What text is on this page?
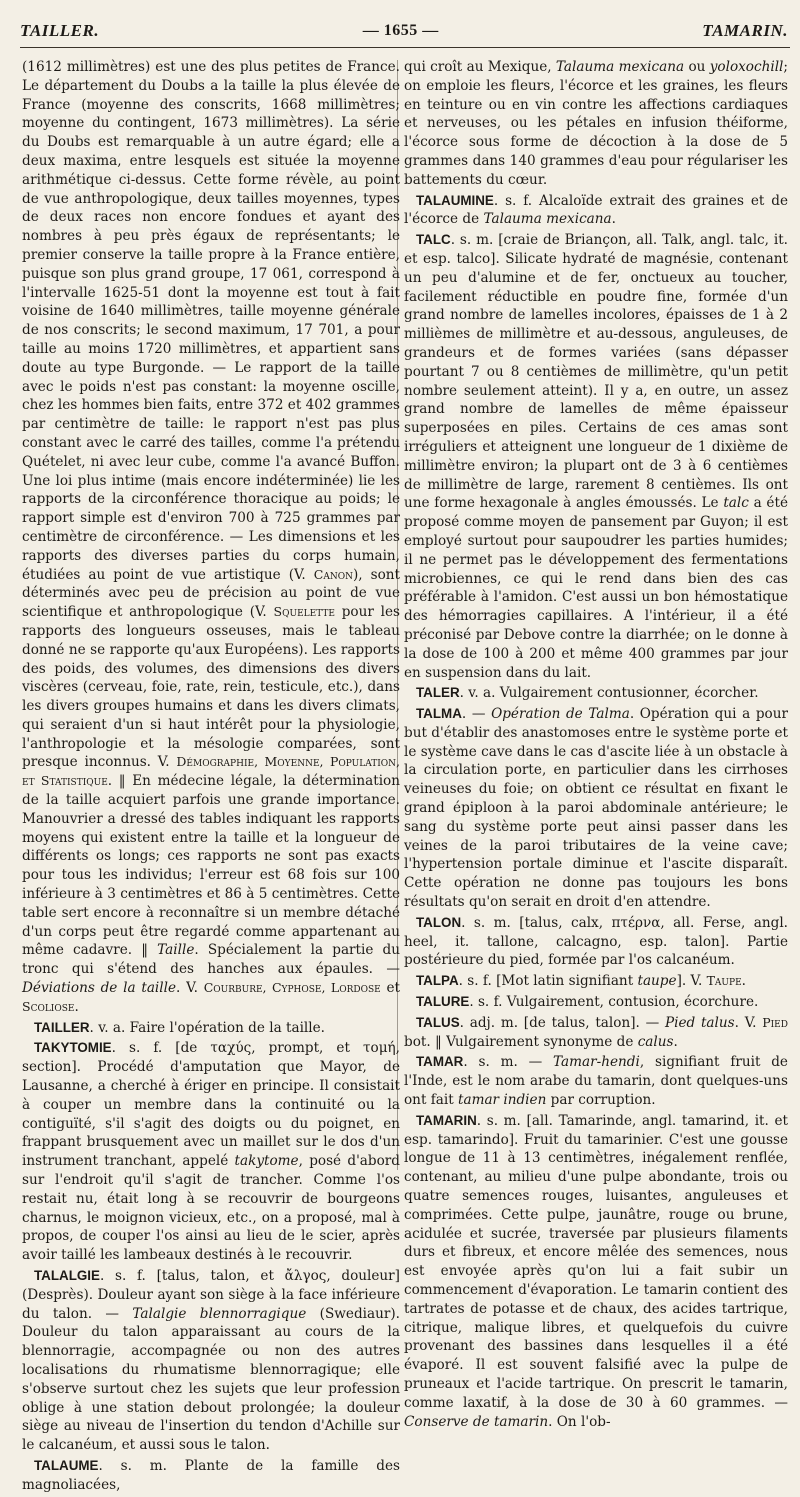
TAILLER.	— 1655 —	TAMARIN.

(1612 millimètres) est une des plus petites de France. Le département du Doubs a la taille la plus élevée de France (moyenne des conscrits, 1668 millimètres; moyenne du contingent, 1673 millimètres). La série du Doubs est remarquable à un autre égard; elle a deux maxima, entre lesquels est située la moyenne arithmétique ci-dessus. Cette forme révèle, au point de vue anthropologique, deux tailles moyennes, types de deux races non encore fondues et ayant des nombres à peu près égaux de représentants; le premier conserve la taille propre à la France entière, puisque son plus grand groupe, 17 061, correspond à l'intervalle 1625-51 dont la moyenne est tout à fait voisine de 1640 millimètres, taille moyenne générale de nos conscrits; le second maximum, 17 701, a pour taille au moins 1720 millimètres, et appartient sans doute au type Burgonde. — Le rapport de la taille avec le poids n'est pas constant: la moyenne oscille, chez les hommes bien faits, entre 372 et 402 grammes par centimètre de taille: le rapport n'est pas plus constant avec le carré des tailles, comme l'a prétendu Quételet, ni avec leur cube, comme l'a avancé Buffon. Une loi plus intime (mais encore indéterminée) lie les rapports de la circonférence thoracique au poids; le rapport simple est d'environ 700 à 725 grammes par centimètre de circonférence. — Les dimensions et les rapports des diverses parties du corps humain, étudiées au point de vue artistique (V. Canon), sont déterminés avec peu de précision au point de vue scientifique et anthropologique (V. Squelette pour les rapports des longueurs osseuses, mais le tableau donné ne se rapporte qu'aux Européens). Les rapports des poids, des volumes, des dimensions des divers viscères (cerveau, foie, rate, rein, testicule, etc.), dans les divers groupes humains et dans les divers climats, qui seraient d'un si haut intérêt pour la physiologie, l'anthropologie et la mésologie comparées, sont presque inconnus. V. Démographie, Moyenne, Population, et Statistique. ‖ En médecine légale, la détermination de la taille acquiert parfois une grande importance. Manouvrier a dressé des tables indiquant les rapports moyens qui existent entre la taille et la longueur de différents os longs; ces rapports ne sont pas exacts pour tous les individus; l'erreur est 68 fois sur 100 inférieure à 3 centimètres et 86 à 5 centimètres. Cette table sert encore à reconnaître si un membre détaché d'un corps peut être regardé comme appartenant au même cadavre. ‖ Taille. Spécialement la partie du tronc qui s'étend des hanches aux épaules. — Déviations de la taille. V. Courbure, Cyphose, Lordose et Scoliose.

TAILLER. v. a. Faire l'opération de la taille.

TAKYTOMIE. s. f. [de ταχύς, prompt, et τομή, section]. Procédé d'amputation que Mayor, de Lausanne, a cherché à ériger en principe. Il consistait à couper un membre dans la continuité ou la contiguïté, s'il s'agit des doigts ou du poignet, en frappant brusquement avec un maillet sur le dos d'un instrument tranchant, appelé takytome, posé d'abord sur l'endroit qu'il s'agit de trancher. Comme l'os restait nu, était long à se recouvrir de bourgeons charnus, le moignon vicieux, etc., on a proposé, mal à propos, de couper l'os ainsi au lieu de le scier, après avoir taillé les lambeaux destinés à le recouvrir.

TALALGIE. s. f. [talus, talon, et ἄλγος, douleur] (Desprès). Douleur ayant son siège à la face inférieure du talon. — Talalgie blennorragique (Swediaur). Douleur du talon apparaissant au cours de la blennorragie, accompagnée ou non des autres localisations du rhumatisme blennorragique; elle s'observe surtout chez les sujets que leur profession oblige à une station debout prolongée; la douleur siège au niveau de l'insertion du tendon d'Achille sur le calcanéum, et aussi sous le talon.

TALAUME. s. m. Plante de la famille des magnoliacées,

qui croît au Mexique, Talauma mexicana ou yoloxochill; on emploie les fleurs, l'écorce et les graines, les fleurs en teinture ou en vin contre les affections cardiaques et nerveuses, ou les pétales en infusion théiforme, l'écorce sous forme de décoction à la dose de 5 grammes dans 140 grammes d'eau pour régulariser les battements du cœur.

TALAUMINE. s. f. Alcaloïde extrait des graines et de l'écorce de Talauma mexicana.

TALC. s. m. [craie de Briançon, all. Talk, angl. talc, it. et esp. talco]. Silicate hydraté de magnésie, contenant un peu d'alumine et de fer, onctueux au toucher, facilement réductible en poudre fine, formée d'un grand nombre de lamelles incolores, épaisses de 1 à 2 millièmes de millimètre et au-dessous, anguleuses, de grandeurs et de formes variées (sans dépasser pourtant 7 ou 8 centièmes de millimètre, qu'un petit nombre seulement atteint). Il y a, en outre, un assez grand nombre de lamelles de même épaisseur superposées en piles. Certains de ces amas sont irréguliers et atteignent une longueur de 1 dixième de millimètre environ; la plupart ont de 3 à 6 centièmes de millimètre de large, rarement 8 centièmes. Ils ont une forme hexagonale à angles émoussés. Le talc a été proposé comme moyen de pansement par Guyon; il est employé surtout pour saupoudrer les parties humides; il ne permet pas le développement des fermentations microbiennes, ce qui le rend dans bien des cas préférable à l'amidon. C'est aussi un bon hémostatique des hémorragies capillaires. A l'intérieur, il a été préconisé par Debove contre la diarrhée; on le donne à la dose de 100 à 200 et même 400 grammes par jour en suspension dans du lait.

TALER. v. a. Vulgairement contusionner, écorcher.

TALMA. — Opération de Talma. Opération qui a pour but d'établir des anastomoses entre le système porte et le système cave dans le cas d'ascite liée à un obstacle à la circulation porte, en particulier dans les cirrhoses veineuses du foie; on obtient ce résultat en fixant le grand épiploon à la paroi abdominale antérieure; le sang du système porte peut ainsi passer dans les veines de la paroi tributaires de la veine cave; l'hypertension portale diminue et l'ascite disparaît. Cette opération ne donne pas toujours les bons résultats qu'on serait en droit d'en attendre.

TALON. s. m. [talus, calx, πτέρνα, all. Ferse, angl. heel, it. tallone, calcagno, esp. talon]. Partie postérieure du pied, formée par l'os calcanéum.

TALPA. s. f. [Mot latin signifiant taupe]. V. Taupe.

TALURE. s. f. Vulgairement, contusion, écorchure.

TALUS. adj. m. [de talus, talon]. — Pied talus. V. Pied bot. ‖ Vulgairement synonyme de calus.

TAMAR. s. m. — Tamar-hendi, signifiant fruit de l'Inde, est le nom arabe du tamarin, dont quelques-uns ont fait tamar indien par corruption.

TAMARIN. s. m. [all. Tamarinde, angl. tamarind, it. et esp. tamarindo]. Fruit du tamarinier. C'est une gousse longue de 11 à 13 centimètres, inégalement renflée, contenant, au milieu d'une pulpe abondante, trois ou quatre semences rouges, luisantes, anguleuses et comprimées. Cette pulpe, jaunâtre, rouge ou brune, acidulée et sucrée, traversée par plusieurs filaments durs et fibreux, et encore mêlée des semences, nous est envoyée après qu'on lui a fait subir un commencement d'évaporation. Le tamarin contient des tartrates de potasse et de chaux, des acides tartrique, citrique, malique libres, et quelquefois du cuivre provenant des bassines dans lesquelles il a été évaporé. Il est souvent falsifié avec la pulpe de pruneaux et l'acide tartrique. On prescrit le tamarin, comme laxatif, à la dose de 30 à 60 grammes. — Conserve de tamarin. On l'ob-
